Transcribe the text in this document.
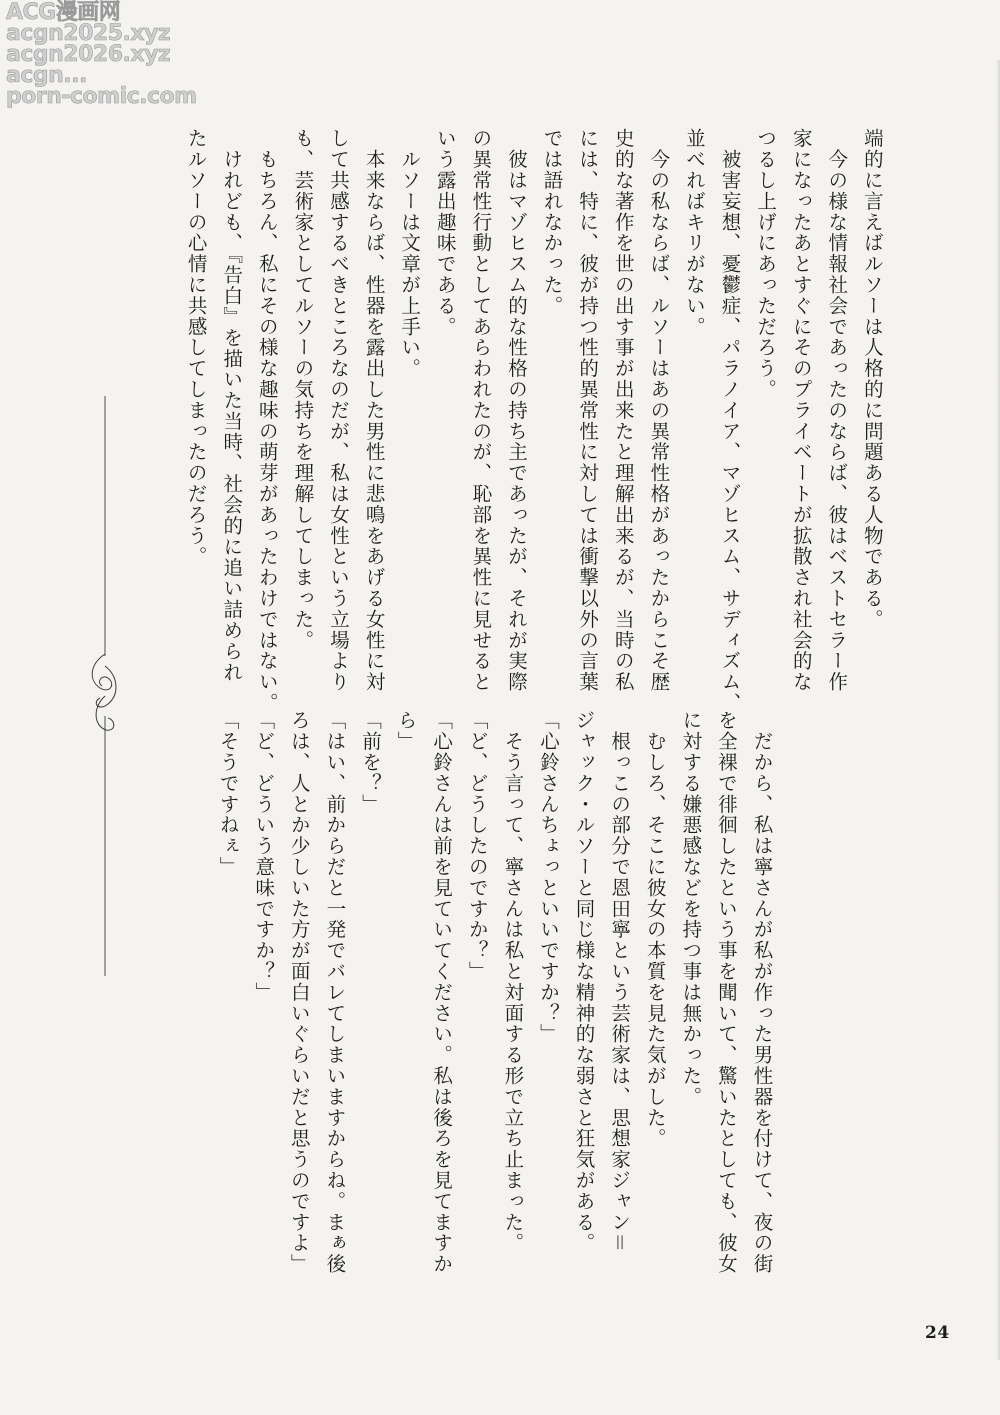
ACG漫画网
acgn2025.xyz
acgn2026.xyz
acgn...
porn-comic.com

端的に言えばルソーは人格的に問題ある人物である。

　今の様な情報社会であったのならば、彼はベストセラー作

家になったあとすぐにそのプライベートが拡散され社会的な

つるし上げにあっただろう。

　被害妄想、憂鬱症、パラノイア、マゾヒスム、サディズム、

並べればキリがない。

　今の私ならば、ルソーはあの異常性格があったからこそ歴

史的な著作を世の出す事が出来たと理解出来るが、当時の私

には、特に、彼が持つ性的異常性に対しては衝撃以外の言葉

では語れなかった。

　彼はマゾヒスム的な性格の持ち主であったが、それが実際

の異常性行動としてあらわれたのが、恥部を異性に見せると

いう露出趣味である。

　ルソーは文章が上手い。

　本来ならば、性器を露出した男性に悲鳴をあげる女性に対

して共感するべきところなのだが、私は女性という立場より

も、芸術家としてルソーの気持ちを理解してしまった。

　もちろん、私にその様な趣味の萌芽があったわけではない。

　けれども、『告白』を描いた当時、社会的に追い詰められ

たルソーの心情に共感してしまったのだろう。

　だから、私は寧さんが私が作った男性器を付けて、夜の街

を全裸で徘徊したという事を聞いて、驚いたとしても、彼女

に対する嫌悪感などを持つ事は無かった。

　むしろ、そこに彼女の本質を見た気がした。

　根っこの部分で恩田寧という芸術家は、思想家ジャン＝

ジャック・ルソーと同じ様な精神的な弱さと狂気がある。

「心鈴さんちょっといいですか？」

　そう言って、寧さんは私と対面する形で立ち止まった。

「ど、どうしたのですか？」

「心鈴さんは前を見ていてください。私は後ろを見てますか

ら」

「前を？」

「はい、前からだと一発でバレてしまいますからね。まぁ後

ろは、人とか少しいた方が面白いぐらいだと思うのですよ」

「ど、どういう意味ですか？」

「そうですねぇ」

24
